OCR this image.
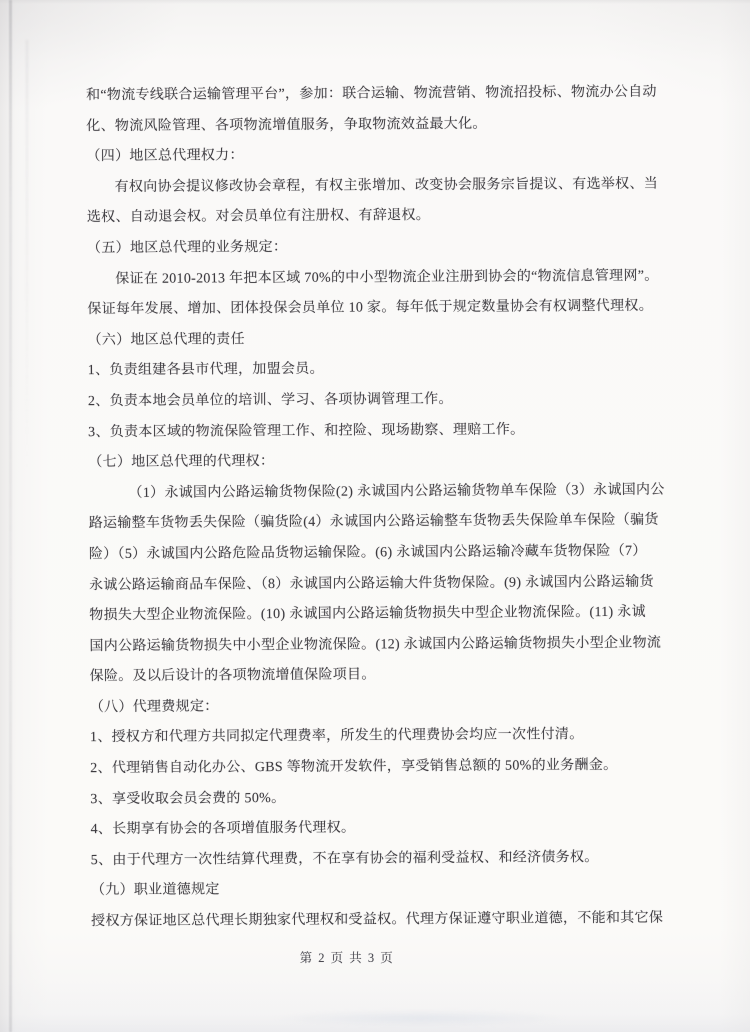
和“物流专线联合运输管理平台”，参加：联合运输、物流营销、物流招投标、物流办公自动
化、物流风险管理、各项物流增值服务，争取物流效益最大化。
（四）地区总代理权力：
有权向协会提议修改协会章程，有权主张增加、改变协会服务宗旨提议、有选举权、当
选权、自动退会权。对会员单位有注册权、有辞退权。
（五）地区总代理的业务规定：
保证在 2010-2013 年把本区域 70%的中小型物流企业注册到协会的“物流信息管理网”。
保证每年发展、增加、团体投保会员单位 10 家。每年低于规定数量协会有权调整代理权。
（六）地区总代理的责任
1、负责组建各县市代理，加盟会员。
2、负责本地会员单位的培训、学习、各项协调管理工作。
3、负责本区域的物流保险管理工作、和控险、现场勘察、理赔工作。
（七）地区总代理的代理权：
（1）永诚国内公路运输货物保险(2) 永诚国内公路运输货物单车保险（3）永诚国内公
路运输整车货物丢失保险（骗货险(4）永诚国内公路运输整车货物丢失保险单车保险（骗货
险）（5）永诚国内公路危险品货物运输保险。(6) 永诚国内公路运输冷藏车货物保险（7）
永诚公路运输商品车保险、（8）永诚国内公路运输大件货物保险。(9) 永诚国内公路运输货
物损失大型企业物流保险。(10) 永诚国内公路运输货物损失中型企业物流保险。(11) 永诚
国内公路运输货物损失中小型企业物流保险。(12) 永诚国内公路运输货物损失小型企业物流
保险。及以后设计的各项物流增值保险项目。
（八）代理费规定：
1、授权方和代理方共同拟定代理费率，所发生的代理费协会均应一次性付清。
2、代理销售自动化办公、GBS 等物流开发软件，享受销售总额的 50%的业务酬金。
3、享受收取会员会费的 50%。
4、长期享有协会的各项增值服务代理权。
5、由于代理方一次性结算代理费，不在享有协会的福利受益权、和经济债务权。
（九）职业道德规定
授权方保证地区总代理长期独家代理权和受益权。代理方保证遵守职业道德，不能和其它保
第 2 页 共 3 页
